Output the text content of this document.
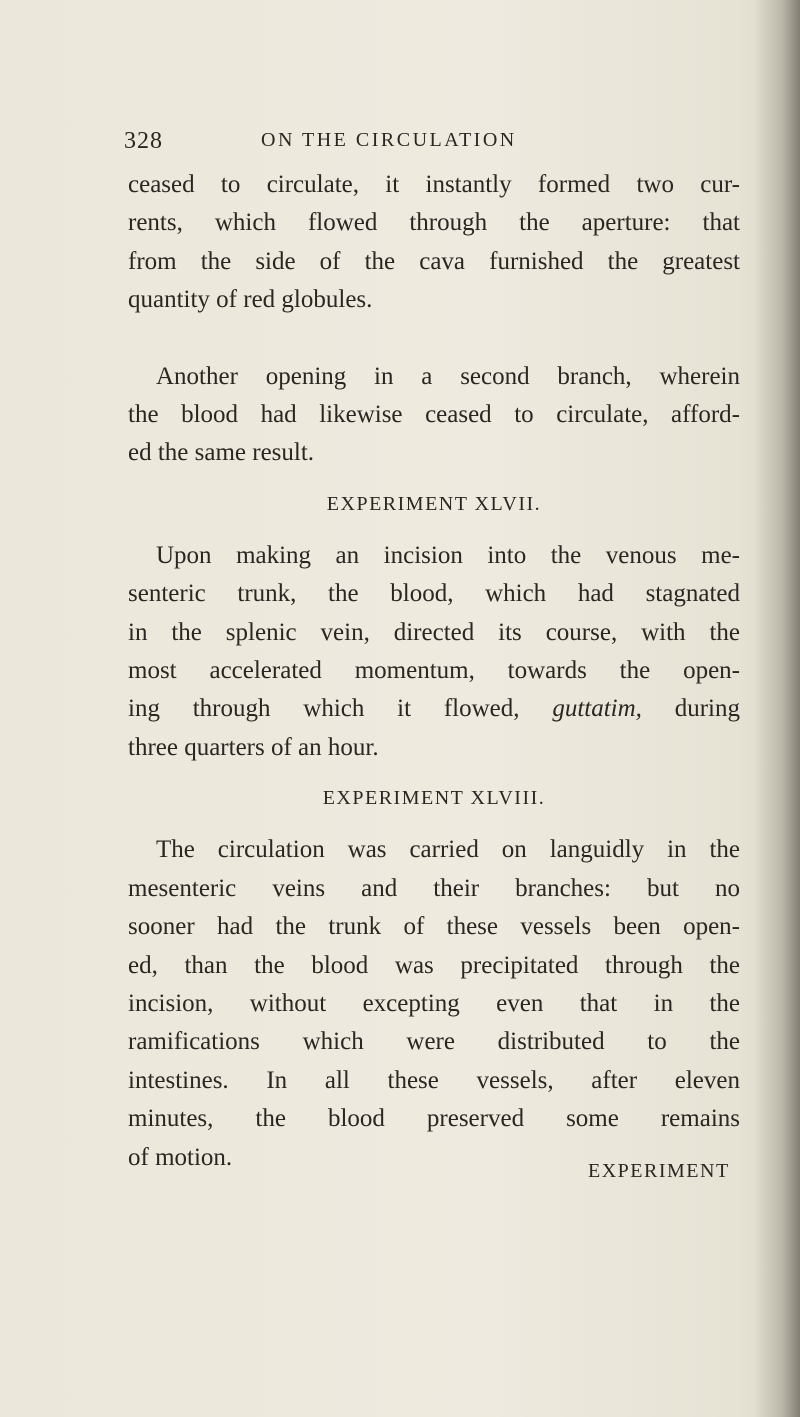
328	ON THE CIRCULATION
ceased to circulate, it instantly formed two cur-
rents, which flowed through the aperture: that
from the side of the cava furnished the greatest
quantity of red globules.
Another opening in a second branch, wherein
the blood had likewise ceased to circulate, afford-
ed the same result.
EXPERIMENT XLVII.
Upon making an incision into the venous me-
senteric trunk, the blood, which had stagnated
in the splenic vein, directed its course, with the
most accelerated momentum, towards the open-
ing through which it flowed, guttatim, during
three quarters of an hour.
EXPERIMENT XLVIII.
The circulation was carried on languidly in the
mesenteric veins and their branches: but no
sooner had the trunk of these vessels been open-
ed, than the blood was precipitated through the
incision, without excepting even that in the
ramifications which were distributed to the
intestines. In all these vessels, after eleven
minutes, the blood preserved some remains
of motion.
EXPERIMENT
